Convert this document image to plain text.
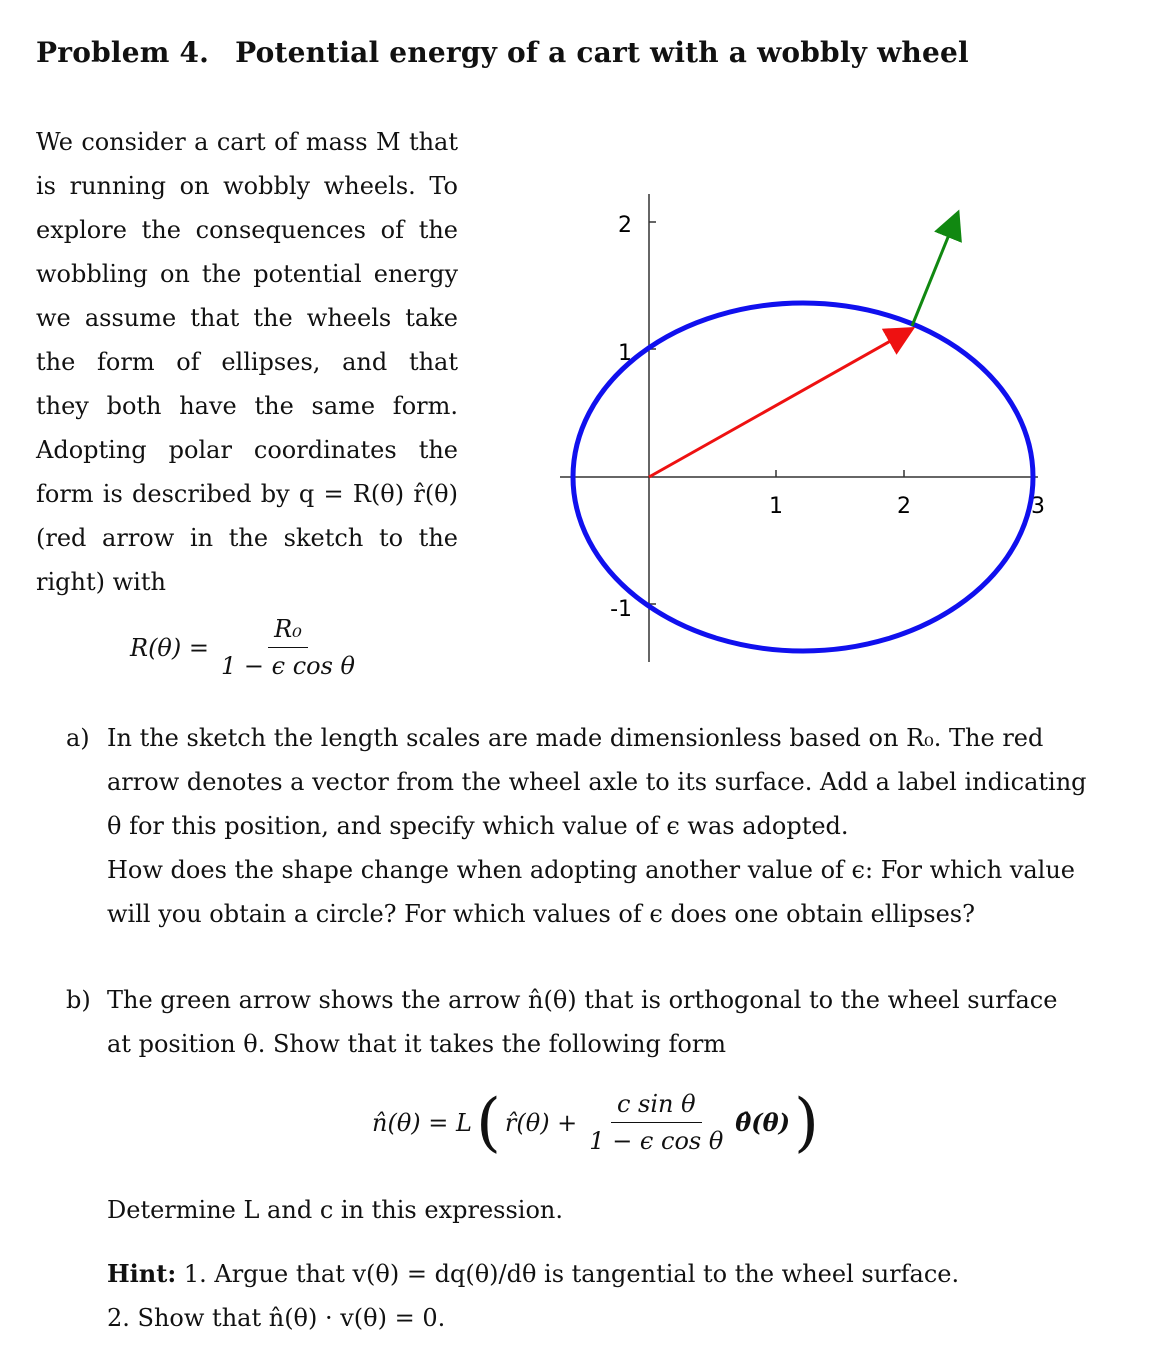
Problem 4. Potential energy of a cart with a wobbly wheel

We consider a cart of mass M that
is running on wobbly wheels. To
explore the consequences of the
wobbling on the potential energy
we assume that the wheels take
the form of ellipses, and that
they both have the same form.
Adopting polar coordinates the
form is described by q = R(θ) r̂(θ)
(red arrow in the sketch to the
right) with

$R(\theta) = \frac{\text{R₀}}{\text{1 − ϵ cos θ}}$
2
1
-1
1	2	3
a) In the sketch the length scales are made dimensionless based on R₀. The red
arrow denotes a vector from the wheel axle to its surface. Add a label indicating
θ for this position, and specify which value of ϵ was adopted.
How does the shape change when adopting another value of ϵ: For which value
will you obtain a circle? For which values of ϵ does one obtain ellipses?
b) The green arrow shows the arrow n̂(θ) that is orthogonal to the wheel surface
at position θ. Show that it takes the following form
n̂(θ) = L ( r̂(θ) + $\frac{\text{c sin θ}}{\text{1 − ϵ cos θ}}$ θ̂(θ) )

Determine L and c in this expression.

Hint: 1. Argue that v(θ) = dq(θ)/dθ is tangential to the wheel surface.
2. Show that n̂(θ) · v(θ) = 0.
